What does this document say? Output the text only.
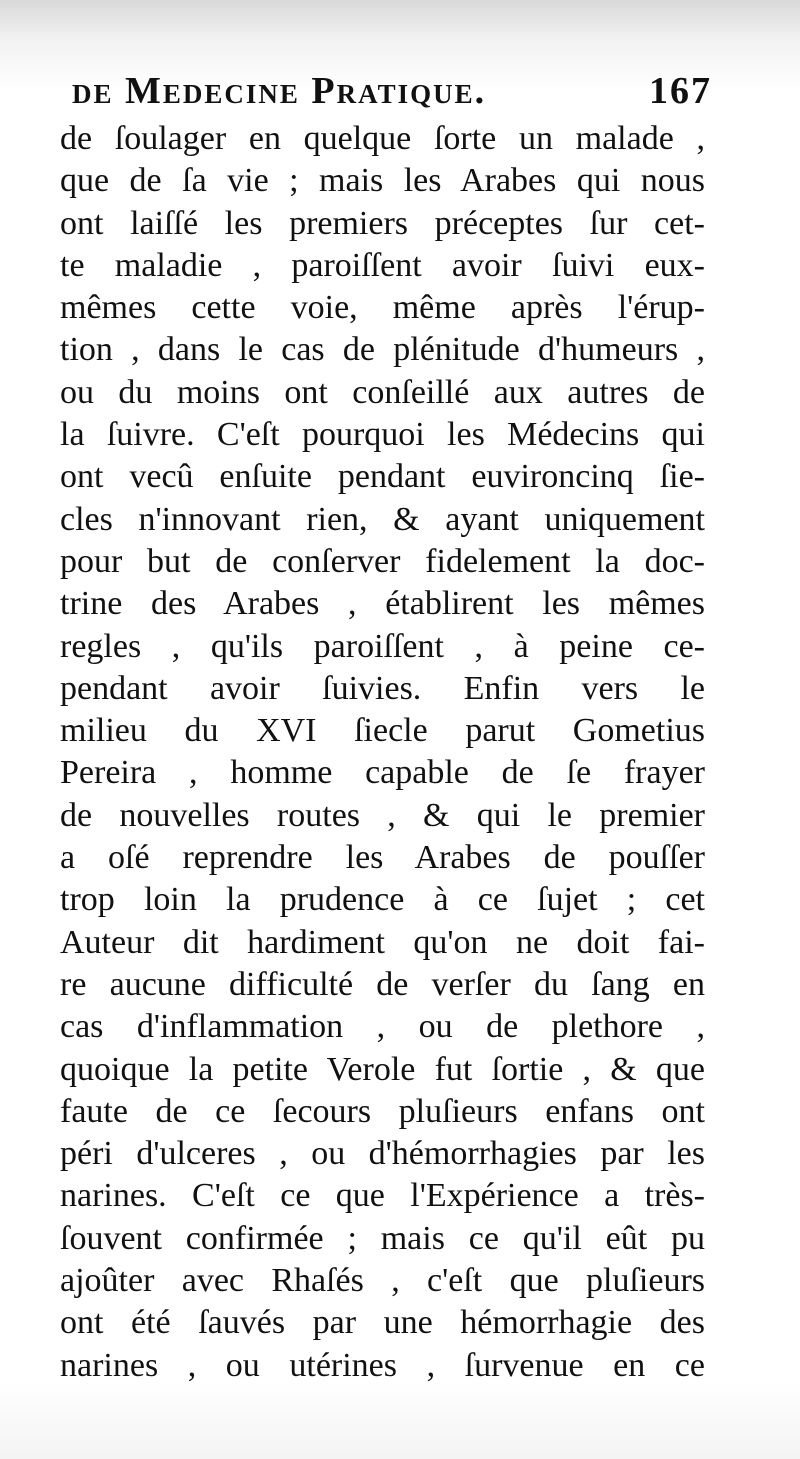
de Medecine Pratique.	167
de ſoulager en quelque ſorte un malade ,
que de ſa vie ; mais les Arabes qui nous
ont laiſſé les premiers préceptes ſur cet-
te maladie , paroiſſent avoir ſuivi eux-
mêmes cette voie, même après l'érup-
tion , dans le cas de plénitude d'humeurs ,
ou du moins ont conſeillé aux autres de
la ſuivre. C'eſt pourquoi les Médecins qui
ont vecû enſuite pendant euvironcinq ſie-
cles n'innovant rien, & ayant uniquement
pour but de conſerver fidelement la doc-
trine des Arabes , établirent les mêmes
regles , qu'ils paroiſſent , à peine ce-
pendant avoir ſuivies. Enfin vers le
milieu du XVI ſiecle parut Gometius
Pereira , homme capable de ſe frayer
de nouvelles routes , & qui le premier
a oſé reprendre les Arabes de pouſſer
trop loin la prudence à ce ſujet ; cet
Auteur dit hardiment qu'on ne doit fai-
re aucune difficulté de verſer du ſang en
cas d'inflammation , ou de plethore ,
quoique la petite Verole fut ſortie , & que
faute de ce ſecours pluſieurs enfans ont
péri d'ulceres , ou d'hémorrhagies par les
narines. C'eſt ce que l'Expérience a très-
ſouvent confirmée ; mais ce qu'il eût pu
ajoûter avec Rhaſés , c'eſt que pluſieurs
ont été ſauvés par une hémorrhagie des
narines , ou utérines , ſurvenue en ce
